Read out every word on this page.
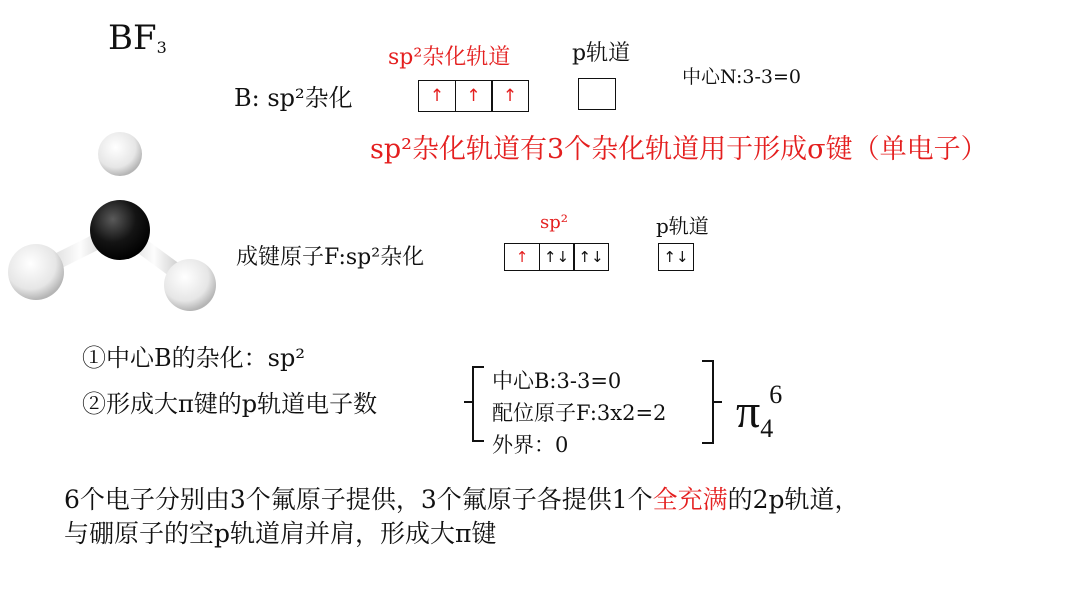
$BF_3$	sp²杂化轨道	p轨道
中心N:3-3=0
B: sp²杂化	↑	↑	↑
sp²杂化轨道有3个杂化轨道用于形成σ键（单电子）
sp²	p轨道
成键原子F:sp²杂化	↑	↑↓ ↑↓	↑↓
①中心B的杂化：sp²
②形成大π键的p轨道电子数
中心B:3-3=0
配位原子F:3x2=2
外界：0
π46
6个电子分别由3个氟原子提供，3个氟原子各提供1个全充满的2p轨道，
与硼原子的空p轨道肩并肩，形成大π键
